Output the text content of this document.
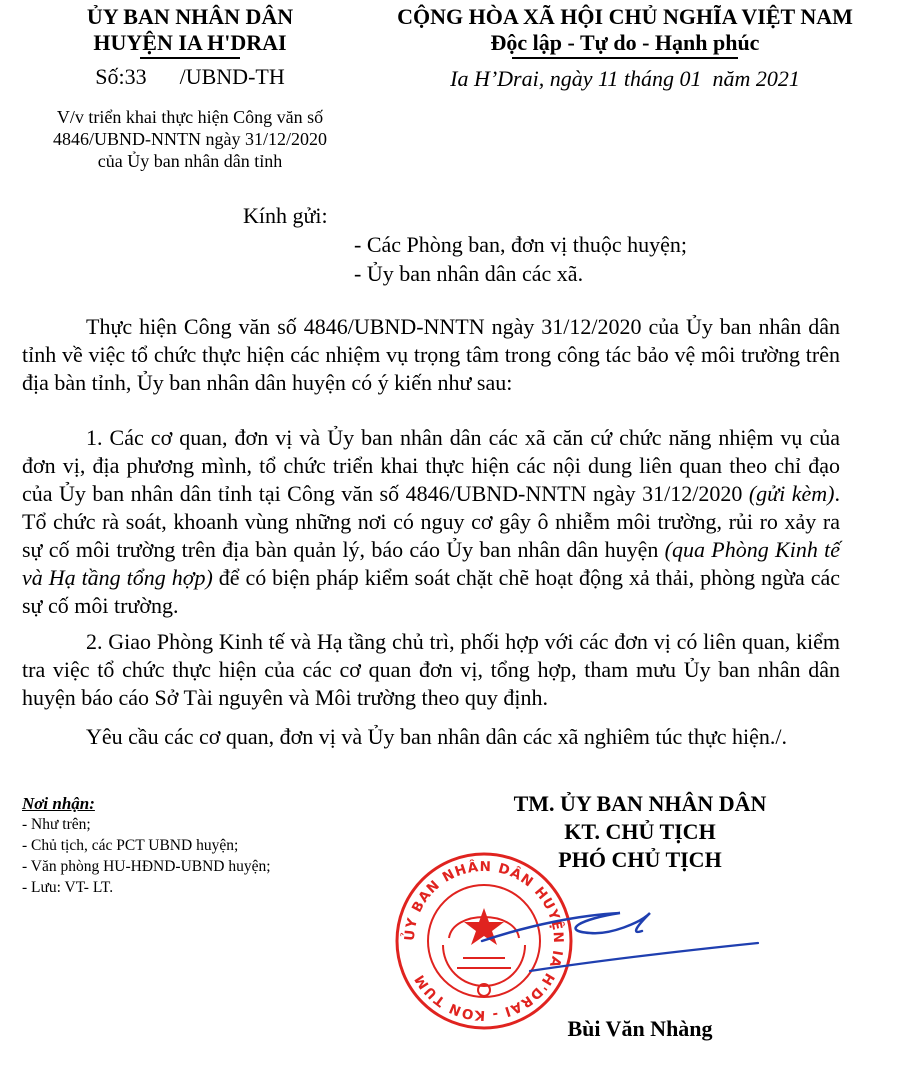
ỦY BAN NHÂN DÂN
HUYỆN IA H'DRAI
Số:33      /UBND-TH
V/v triển khai thực hiện Công văn số
4846/UBND-NNTN ngày 31/12/2020
của Ủy ban nhân dân tỉnh
CỘNG HÒA XÃ HỘI CHỦ NGHĨA VIỆT NAM
Độc lập - Tự do - Hạnh phúc
Ia H’Drai, ngày 11 tháng 01  năm 2021
Kính gửi:
- Các Phòng ban, đơn vị thuộc huyện;
- Ủy ban nhân dân các xã.

Thực hiện Công văn số 4846/UBND-NNTN ngày 31/12/2020 của Ủy ban nhân dân tỉnh về việc tổ chức thực hiện các nhiệm vụ trọng tâm trong công tác bảo vệ môi trường trên địa bàn tỉnh, Ủy ban nhân dân huyện có ý kiến như sau:

1. Các cơ quan, đơn vị và Ủy ban nhân dân các xã căn cứ chức năng nhiệm vụ của đơn vị, địa phương mình, tổ chức triển khai thực hiện các nội dung liên quan theo chỉ đạo của Ủy ban nhân dân tỉnh tại Công văn số 4846/UBND-NNTN ngày 31/12/2020 (gửi kèm). Tổ chức rà soát, khoanh vùng những nơi có nguy cơ gây ô nhiễm môi trường, rủi ro xảy ra sự cố môi trường trên địa bàn quản lý, báo cáo Ủy ban nhân dân huyện (qua Phòng Kinh tế và Hạ tầng tổng hợp) để có biện pháp kiểm soát chặt chẽ hoạt động xả thải, phòng ngừa các sự cố môi trường.

2. Giao Phòng Kinh tế và Hạ tầng chủ trì, phối hợp với các đơn vị có liên quan, kiểm tra việc tổ chức thực hiện của các cơ quan đơn vị, tổng hợp, tham mưu Ủy ban nhân dân huyện báo cáo Sở Tài nguyên và Môi trường theo quy định.

Yêu cầu các cơ quan, đơn vị và Ủy ban nhân dân các xã nghiêm túc thực hiện./.

Nơi nhận:
- Như trên;
- Chủ tịch, các PCT UBND huyện;
- Văn phòng HU-HĐND-UBND huyện;
- Lưu: VT- LT.
TM. ỦY BAN NHÂN DÂN
KT. CHỦ TỊCH
PHÓ CHỦ TỊCH
ỦY BAN NHÂN DÂN HUYỆN IA H'DRAI - KON TUM
Bùi Văn Nhàng
